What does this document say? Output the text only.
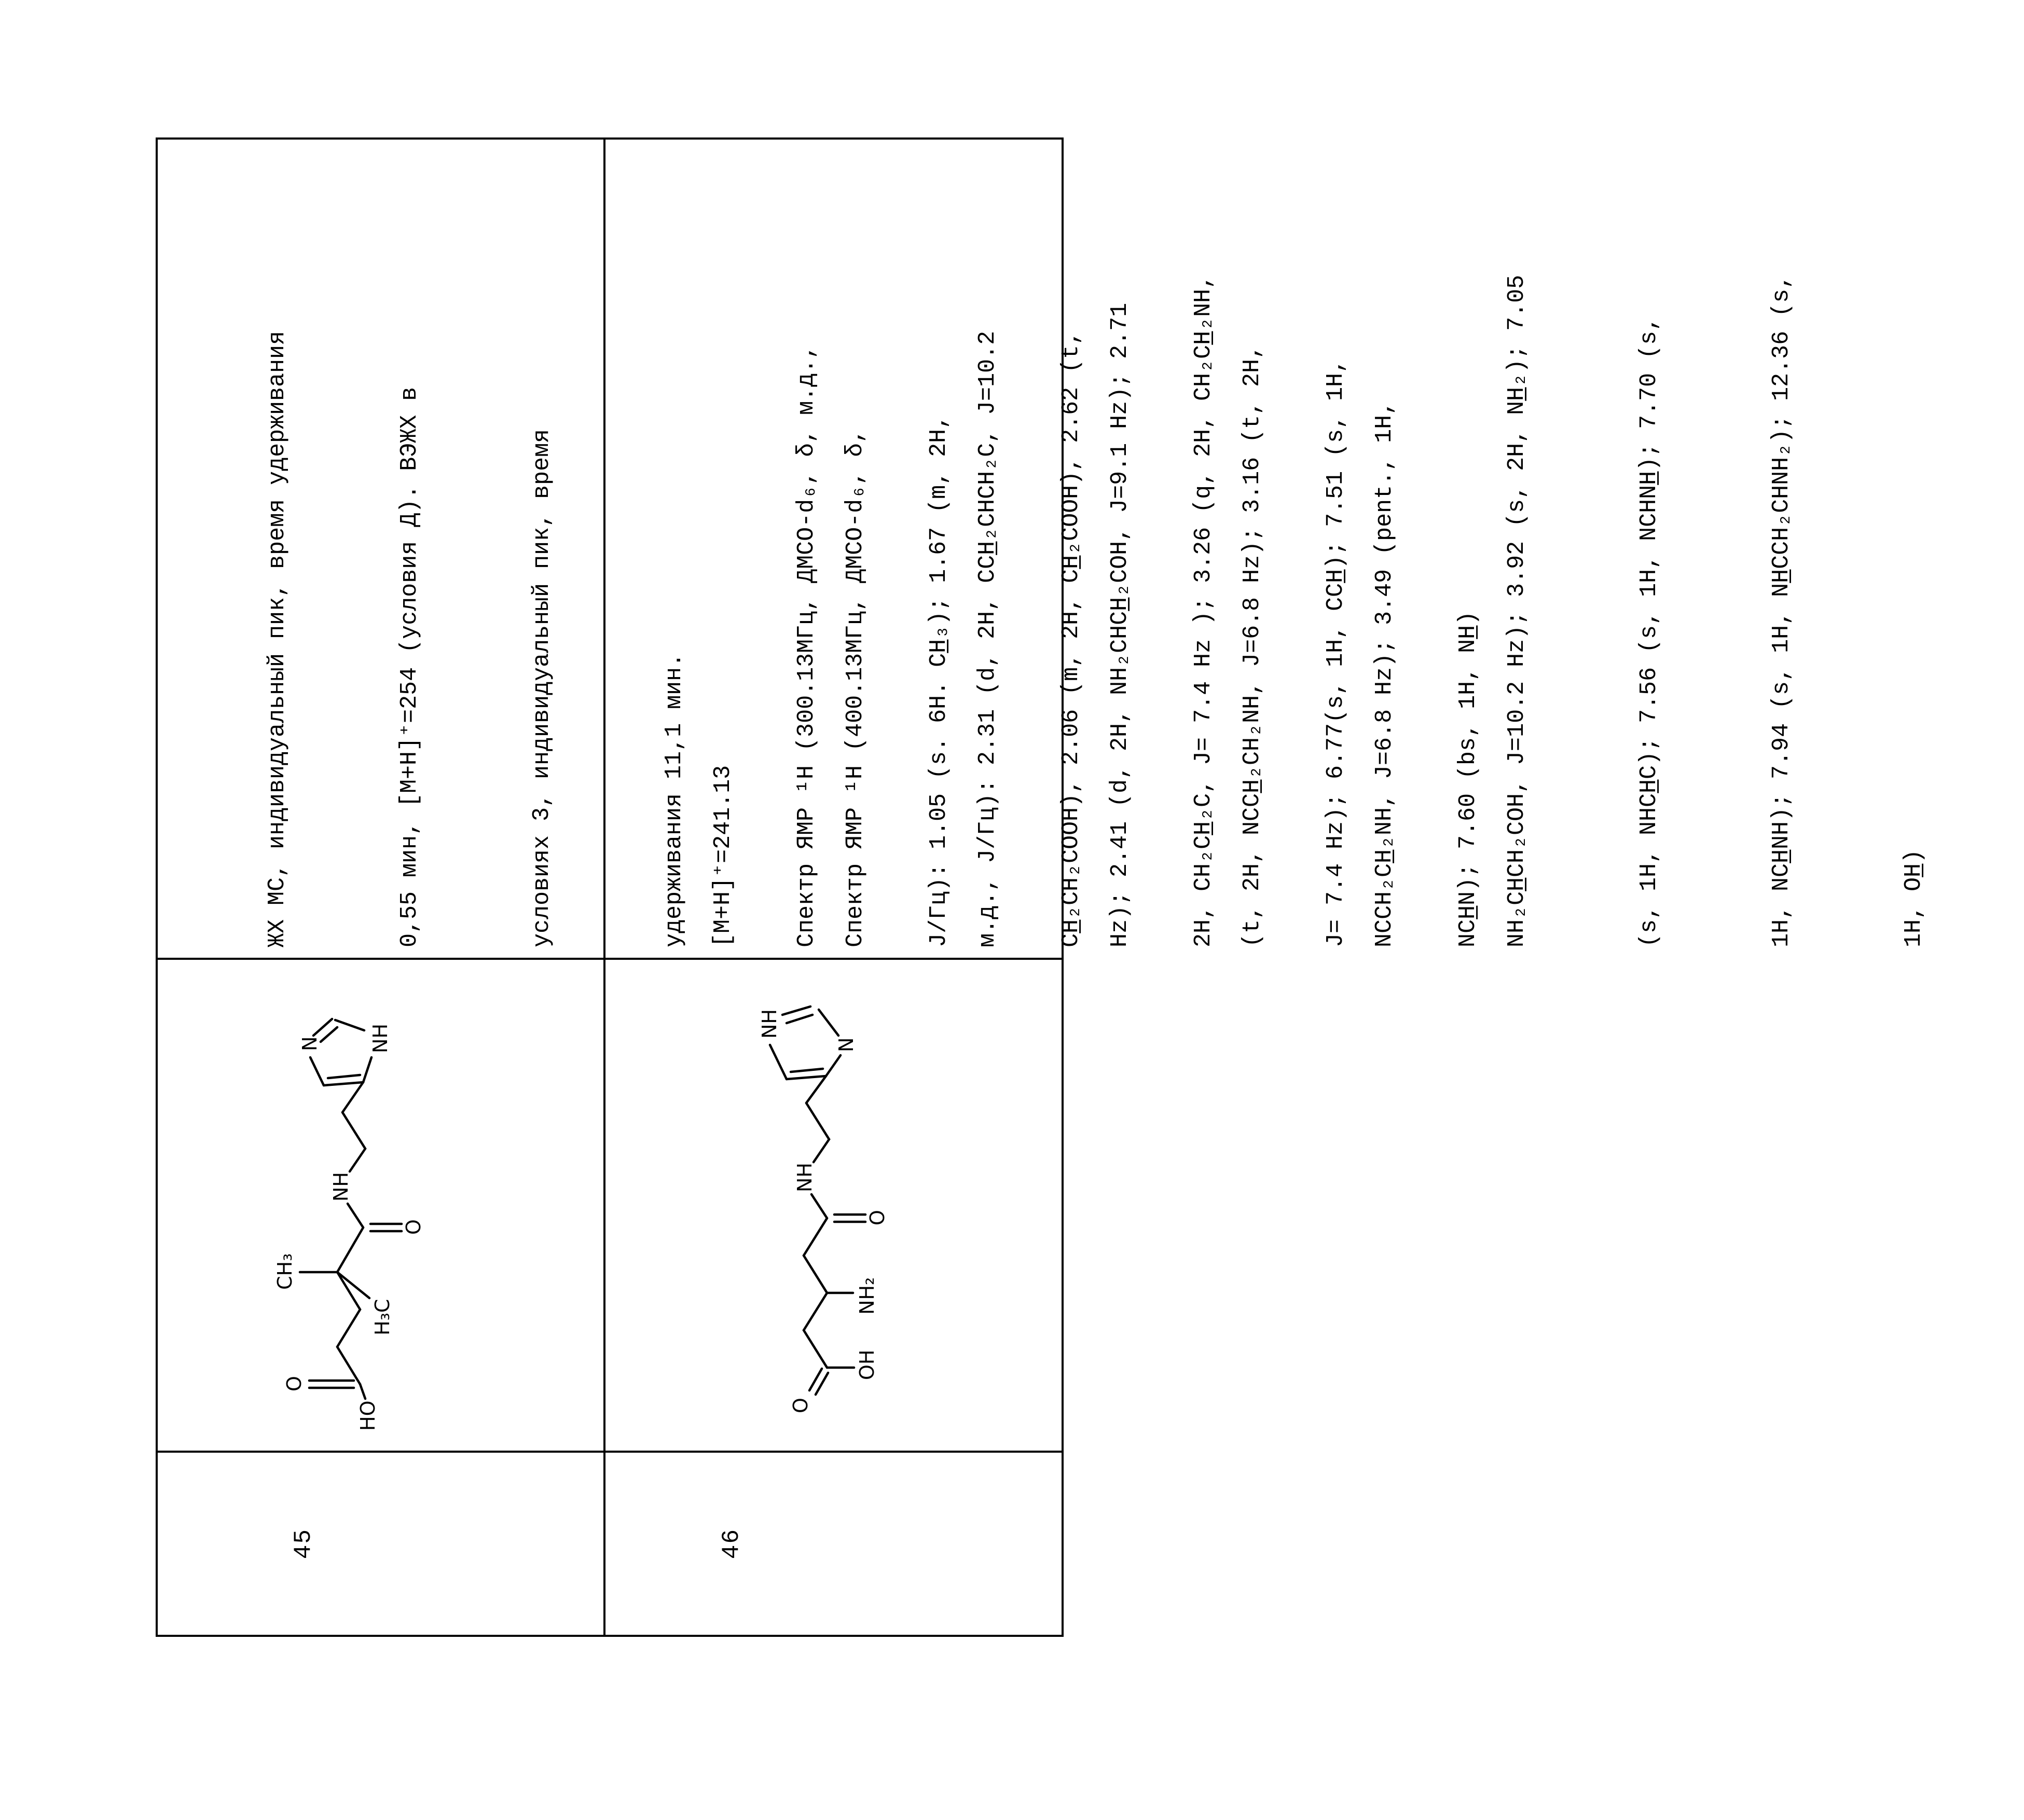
45
HO
O
CH₃
H₃C
O
NH
N NH

ЖХ МС, индивидуальный пик, время удерживания

	0,55 мин, [M+H]⁺=254 (условия Д). ВЭЖХ в

	условиях 3, индивидуальный пик, время

	удерживания 11,1 мин.

	Спектр ЯМР ¹H (300.13МГц, ДМСО-d₆, δ, м.д.,

	J/Гц): 1.05 (s. 6H. CH̲₃); 1.67 (m, 2H,

	CH̲₂CH₂COOH), 2.06 (m, 2H, CH̲₂COOH), 2.62 (t,

	2H, CH₂CH̲₂C, J= 7.4 Hz ); 3.26 (q, 2H, CH₂CH̲₂NH,

	J= 7.4 Hz); 6.77(s, 1H, CCH̲); 7.51 (s, 1H,

	NCH̲N); 7.60 (bs, 1H, NH̲)

46
O
OH
NH₂
O
NH
NH
N

[M+H]⁺=241.13

	Спектр ЯМР ¹H (400.13МГц, ДМСО-d₆, δ,

	м.д., J/Гц): 2.31 (d, 2H, CCH̲₂CHCH₂C, J=10.2

	Hz); 2.41 (d, 2H, NH₂CHCH̲₂COH, J=9.1 Hz); 2.71

	(t, 2H, NCCH̲₂CH₂NH, J=6.8 Hz); 3.16 (t, 2H,

	NCCH₂CH̲₂NH, J=6.8 Hz); 3.49 (pent., 1H,

	NH₂CH̲CH₂COH, J=10.2 Hz); 3.92 (s, 2H, NH̲₂); 7.05

	(s, 1H, NHCH̲C); 7.56 (s, 1H, NCHNH̲); 7.70 (s,

	1H, NCH̲NH); 7.94 (s, 1H, NH̲CCH₂CHNH₂); 12.36 (s,

	1H, OH̲)
